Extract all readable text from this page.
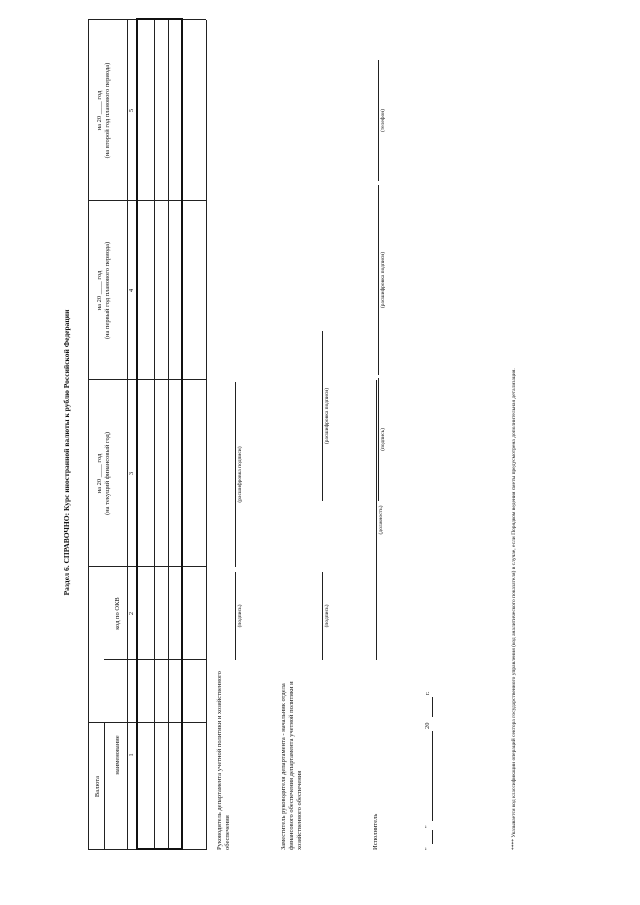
Раздел 6. СПРАВОЧНО: Курс иностранной валюты к рублю Российской Федерации
Валюта
наименование
код по ОКВ
на 20 ____ год (на текущий финансовый год)
на 20 ____ год (на первый год планового периода)
на 20 ____ год (на второй год планового периода)
1
2
3
4
5
Руководитель департамента учетной политики и хозяйственного обеспечения
(подпись)
(расшифровка подписи)
Заместитель руководителя департамента - начальник отдела финансового обеспечения департамента учетной политики и хозяйственного обеспечения
(подпись)
(расшифровка подписи)
Исполнитель
(должность)
(подпись)
(расшифровка подписи)
(телефон)
"
"
20
г.	**** Указывается код классификации операций сектора государственного управления (код аналитического показателя) в случае, если Порядком ведения сметы предусмотрена дополнительная детализация.
